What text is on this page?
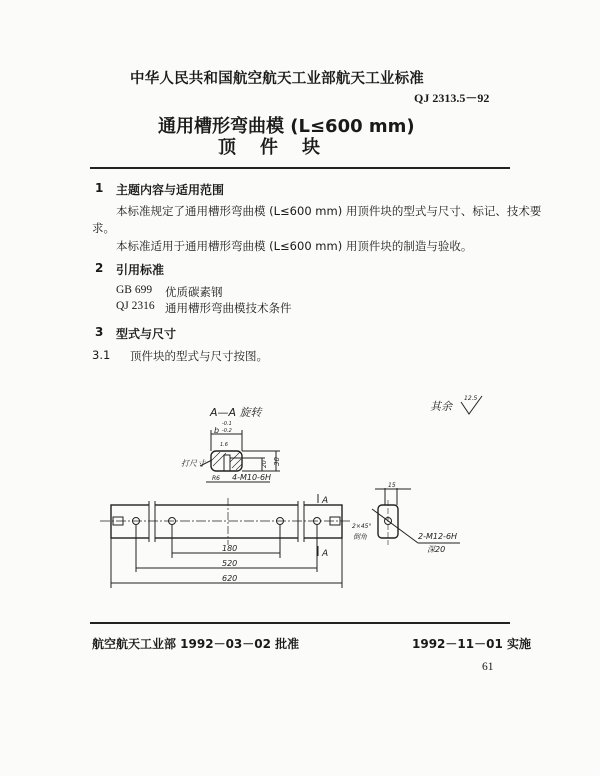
中华人民共和国航空航天工业部航天工业标准
QJ 2313.5－92
通用槽形弯曲模 (L≤600 mm)
顶件块
1 主题内容与适用范围
本标准规定了通用槽形弯曲模 (L≤600 mm) 用顶件块的型式与尺寸、标记、技术要
求。
本标准适用于通用槽形弯曲模 (L≤600 mm) 用顶件块的制造与验收。
2 引用标准
GB 699 优质碳素钢
QJ 2316 通用槽形弯曲模技术条件
3 型式与尺寸
3.1 顶件块的型式与尺寸按图。
其余
12.5
A—A 旋转
b
-0.1
-0.2
1.6
打尺寸	30
20
R6 4-M10-6H
A
A
180
520
620
15
2-M12-6H
深20
2×45°
倒角
航空航天工业部 1992－03－02 批准	1992－11－01 实施
61
